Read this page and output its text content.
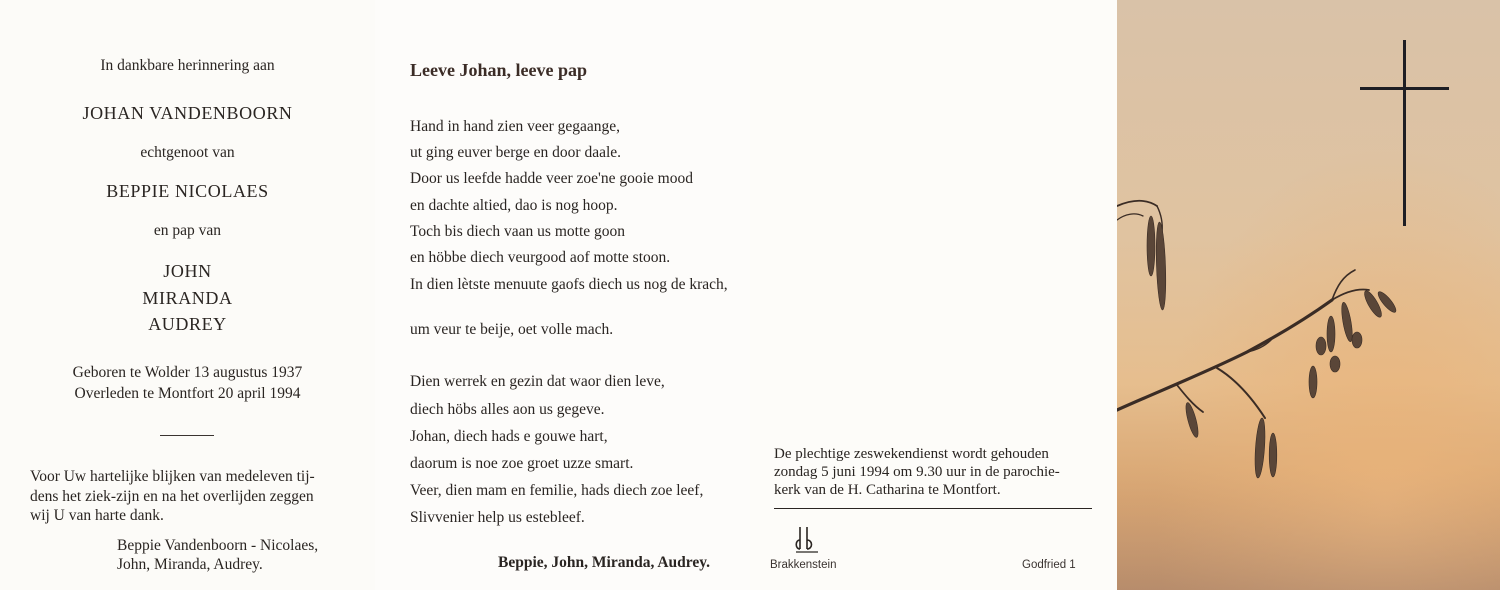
In dankbare herinnering aan
JOHAN VANDENBOORN
echtgenoot van
BEPPIE NICOLAES
en pap van
JOHN
MIRANDA
AUDREY
Geboren te Wolder 13 augustus 1937
Overleden te Montfort 20 april 1994
Voor Uw hartelijke blijken van medeleven tij-
dens het ziek-zijn en na het overlijden zeggen
wij U van harte dank.
Beppie Vandenboorn - Nicolaes,
John, Miranda, Audrey.
Leeve Johan, leeve pap
Hand in hand zien veer gegaange,
ut ging euver berge en door daale.
Door us leefde hadde veer zoe'ne gooie mood
en dachte altied, dao is nog hoop.
Toch bis diech vaan us motte goon
en höbbe diech veurgood aof motte stoon.
In dien lètste menuute gaofs diech us nog de krach,
um veur te beije, oet volle mach.
Dien werrek en gezin dat waor dien leve,
diech höbs alles aon us gegeve.
Johan, diech hads e gouwe hart,
daorum is noe zoe groet uzze smart.
Veer, dien mam en femilie, hads diech zoe leef,
Slivvenier help us estebleef.
Beppie, John, Miranda, Audrey.
De plechtige zeswekendienst wordt gehouden
zondag 5 juni 1994 om 9.30 uur in de parochie-
kerk van de H. Catharina te Montfort.
Brakkenstein	Godfried 1
